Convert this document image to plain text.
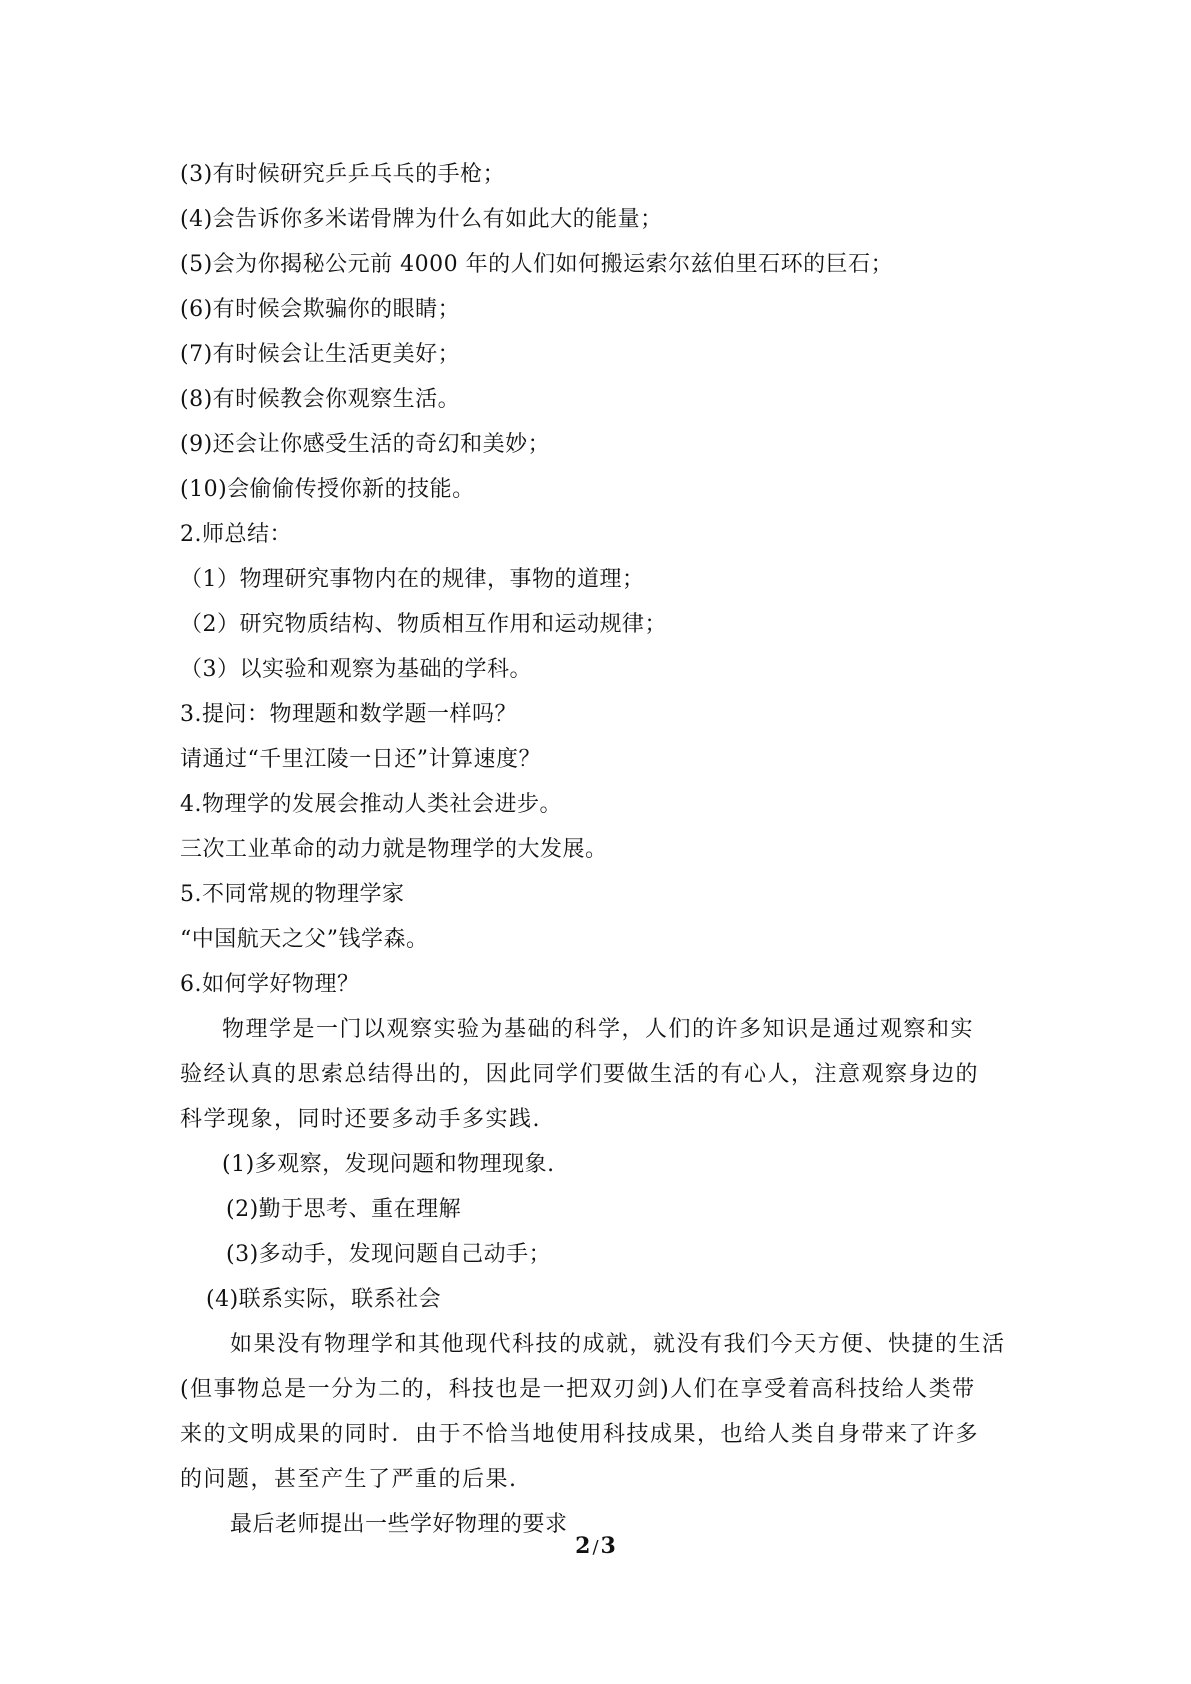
(3)有时候研究乒乒乓乓的手枪；
(4)会告诉你多米诺骨牌为什么有如此大的能量；
(5)会为你揭秘公元前 4000 年的人们如何搬运索尔兹伯里石环的巨石；
(6)有时候会欺骗你的眼睛；
(7)有时候会让生活更美好；
(8)有时候教会你观察生活。
(9)还会让你感受生活的奇幻和美妙；
(10)会偷偷传授你新的技能。
2.师总结：
（1）物理研究事物内在的规律，事物的道理；
（2）研究物质结构、物质相互作用和运动规律；
（3）以实验和观察为基础的学科。
3.提问：物理题和数学题一样吗？
请通过“千里江陵一日还”计算速度？
4.物理学的发展会推动人类社会进步。
三次工业革命的动力就是物理学的大发展。
5.不同常规的物理学家
“中国航天之父”钱学森。
6.如何学好物理？
物理学是一门以观察实验为基础的科学，人们的许多知识是通过观察和实
验经认真的思索总结得出的，因此同学们要做生活的有心人，注意观察身边的
科学现象，同时还要多动手多实践.
(1)多观察，发现问题和物理现象.
(2)勤于思考、重在理解
(3)多动手，发现问题自己动手；
(4)联系实际，联系社会
如果没有物理学和其他现代科技的成就，就没有我们今天方便、快捷的生活
(但事物总是一分为二的，科技也是一把双刃剑)人们在享受着高科技给人类带
来的文明成果的同时．由于不恰当地使用科技成果，也给人类自身带来了许多
的问题，甚至产生了严重的后果.
最后老师提出一些学好物理的要求
2 /3
